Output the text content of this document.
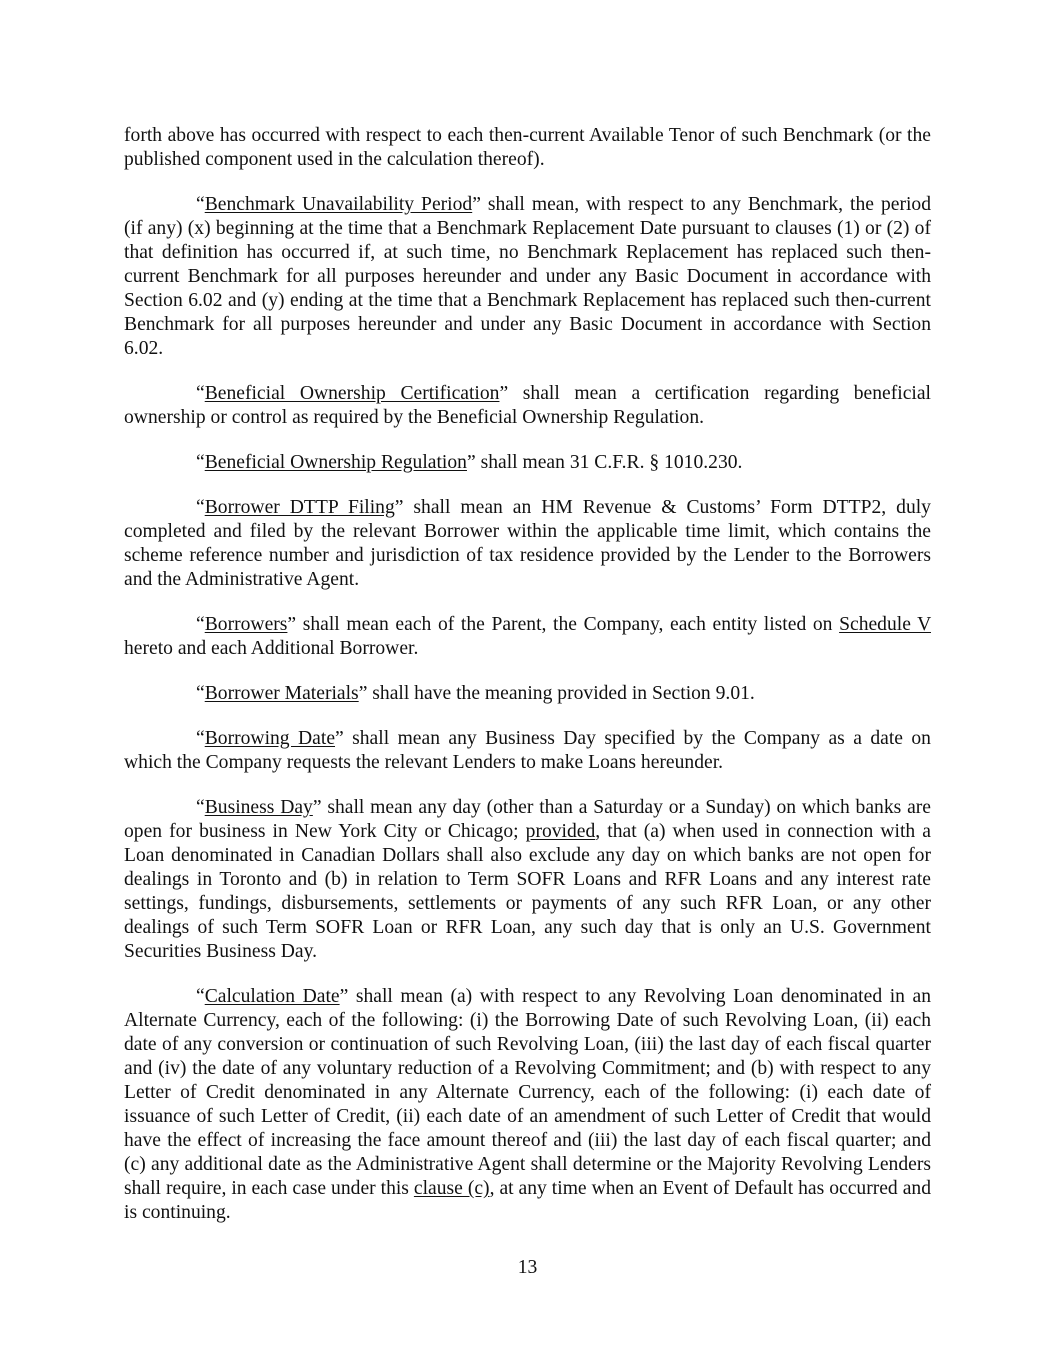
forth above has occurred with respect to each then-current Available Tenor of such Benchmark (or the published component used in the calculation thereof).

“Benchmark Unavailability Period” shall mean, with respect to any Benchmark, the period (if any) (x) beginning at the time that a Benchmark Replacement Date pursuant to clauses (1) or (2) of that definition has occurred if, at such time, no Benchmark Replacement has replaced such then-current Benchmark for all purposes hereunder and under any Basic Document in accordance with Section 6.02 and (y) ending at the time that a Benchmark Replacement has replaced such then-current Benchmark for all purposes hereunder and under any Basic Document in accordance with Section 6.02.

“Beneficial Ownership Certification” shall mean a certification regarding beneficial ownership or control as required by the Beneficial Ownership Regulation.

“Beneficial Ownership Regulation” shall mean 31 C.F.R. § 1010.230.

“Borrower DTTP Filing” shall mean an HM Revenue & Customs’ Form DTTP2, duly completed and filed by the relevant Borrower within the applicable time limit, which contains the scheme reference number and jurisdiction of tax residence provided by the Lender to the Borrowers and the Administrative Agent.

“Borrowers” shall mean each of the Parent, the Company, each entity listed on Schedule V hereto and each Additional Borrower.

“Borrower Materials” shall have the meaning provided in Section 9.01.

“Borrowing Date” shall mean any Business Day specified by the Company as a date on which the Company requests the relevant Lenders to make Loans hereunder.

“Business Day” shall mean any day (other than a Saturday or a Sunday) on which banks are open for business in New York City or Chicago; provided, that (a) when used in connection with a Loan denominated in Canadian Dollars shall also exclude any day on which banks are not open for dealings in Toronto and (b) in relation to Term SOFR Loans and RFR Loans and any interest rate settings, fundings, disbursements, settlements or payments of any such RFR Loan, or any other dealings of such Term SOFR Loan or RFR Loan, any such day that is only an U.S. Government Securities Business Day.

“Calculation Date” shall mean (a) with respect to any Revolving Loan denominated in an Alternate Currency, each of the following: (i) the Borrowing Date of such Revolving Loan, (ii) each date of any conversion or continuation of such Revolving Loan, (iii) the last day of each fiscal quarter and (iv) the date of any voluntary reduction of a Revolving Commitment; and (b) with respect to any Letter of Credit denominated in any Alternate Currency, each of the following: (i) each date of issuance of such Letter of Credit, (ii) each date of an amendment of such Letter of Credit that would have the effect of increasing the face amount thereof and (iii) the last day of each fiscal quarter; and (c) any additional date as the Administrative Agent shall determine or the Majority Revolving Lenders shall require, in each case under this clause (c), at any time when an Event of Default has occurred and is continuing.

13
